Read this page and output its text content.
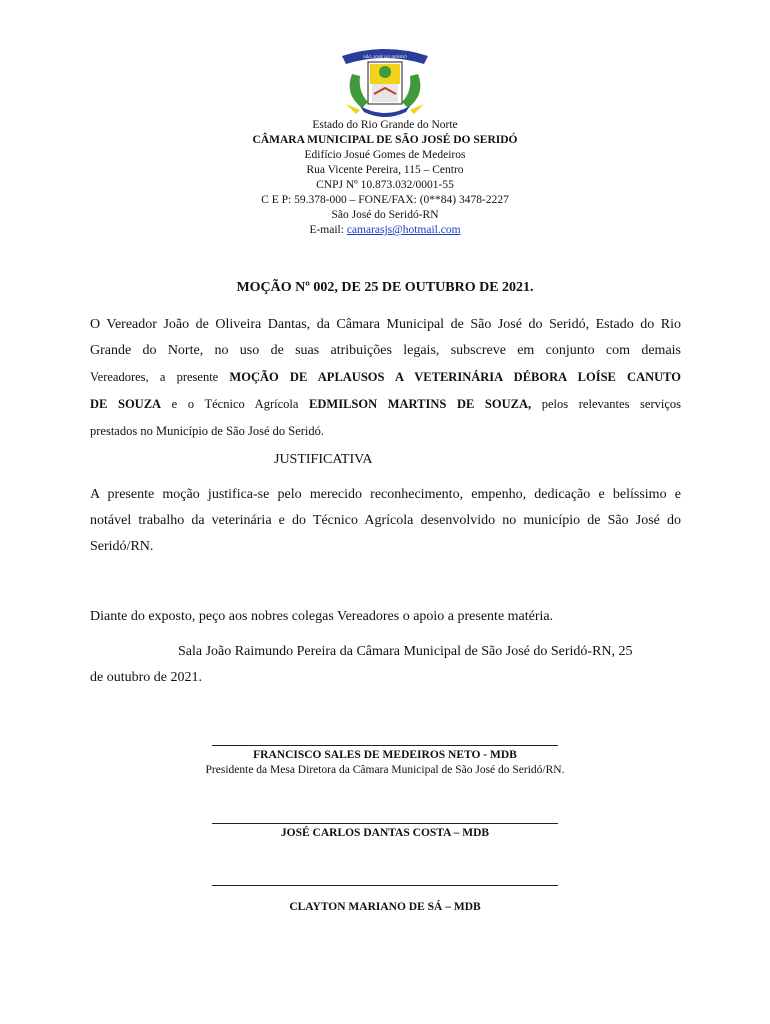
SÃO JOSÉ DO SERIDÓ
Estado do Rio Grande do Norte
CÂMARA MUNICIPAL DE SÃO JOSÉ DO SERIDÓ
Edifício Josué Gomes de Medeiros
Rua Vicente Pereira, 115 – Centro
CNPJ Nº 10.873.032/0001-55
C E P: 59.378-000 – FONE/FAX: (0**84) 3478-2227
São José do Seridó-RN
E-mail: camarasjs@hotmail.com
MOÇÃO Nº 002, DE 25 DE OUTUBRO DE 2021.
O Vereador João de Oliveira Dantas, da Câmara Municipal de São José do Seridó, Estado do Rio
Grande do Norte, no uso de suas atribuições legais, subscreve em conjunto com demais
Vereadores, a presente MOÇÃO DE APLAUSOS A VETERINÁRIA DÉBORA LOÍSE CANUTO
DE SOUZA e o Técnico Agrícola EDMILSON MARTINS DE SOUZA, pelos relevantes serviços
prestados no Município de São José do Seridó.
JUSTIFICATIVA
A presente moção justifica-se pelo merecido reconhecimento, empenho, dedicação e belíssimo e
notável trabalho da veterinária e do Técnico Agrícola desenvolvido no município de São José do
Seridó/RN.
Diante do exposto, peço aos nobres colegas Vereadores o apoio a presente matéria.
Sala João Raimundo Pereira da Câmara Municipal de São José do Seridó-RN, 25
de outubro de 2021.
FRANCISCO SALES DE MEDEIROS NETO - MDB
Presidente da Mesa Diretora da Câmara Municipal de São José do Seridó/RN.
JOSÉ CARLOS DANTAS COSTA – MDB
CLAYTON MARIANO DE SÁ – MDB
